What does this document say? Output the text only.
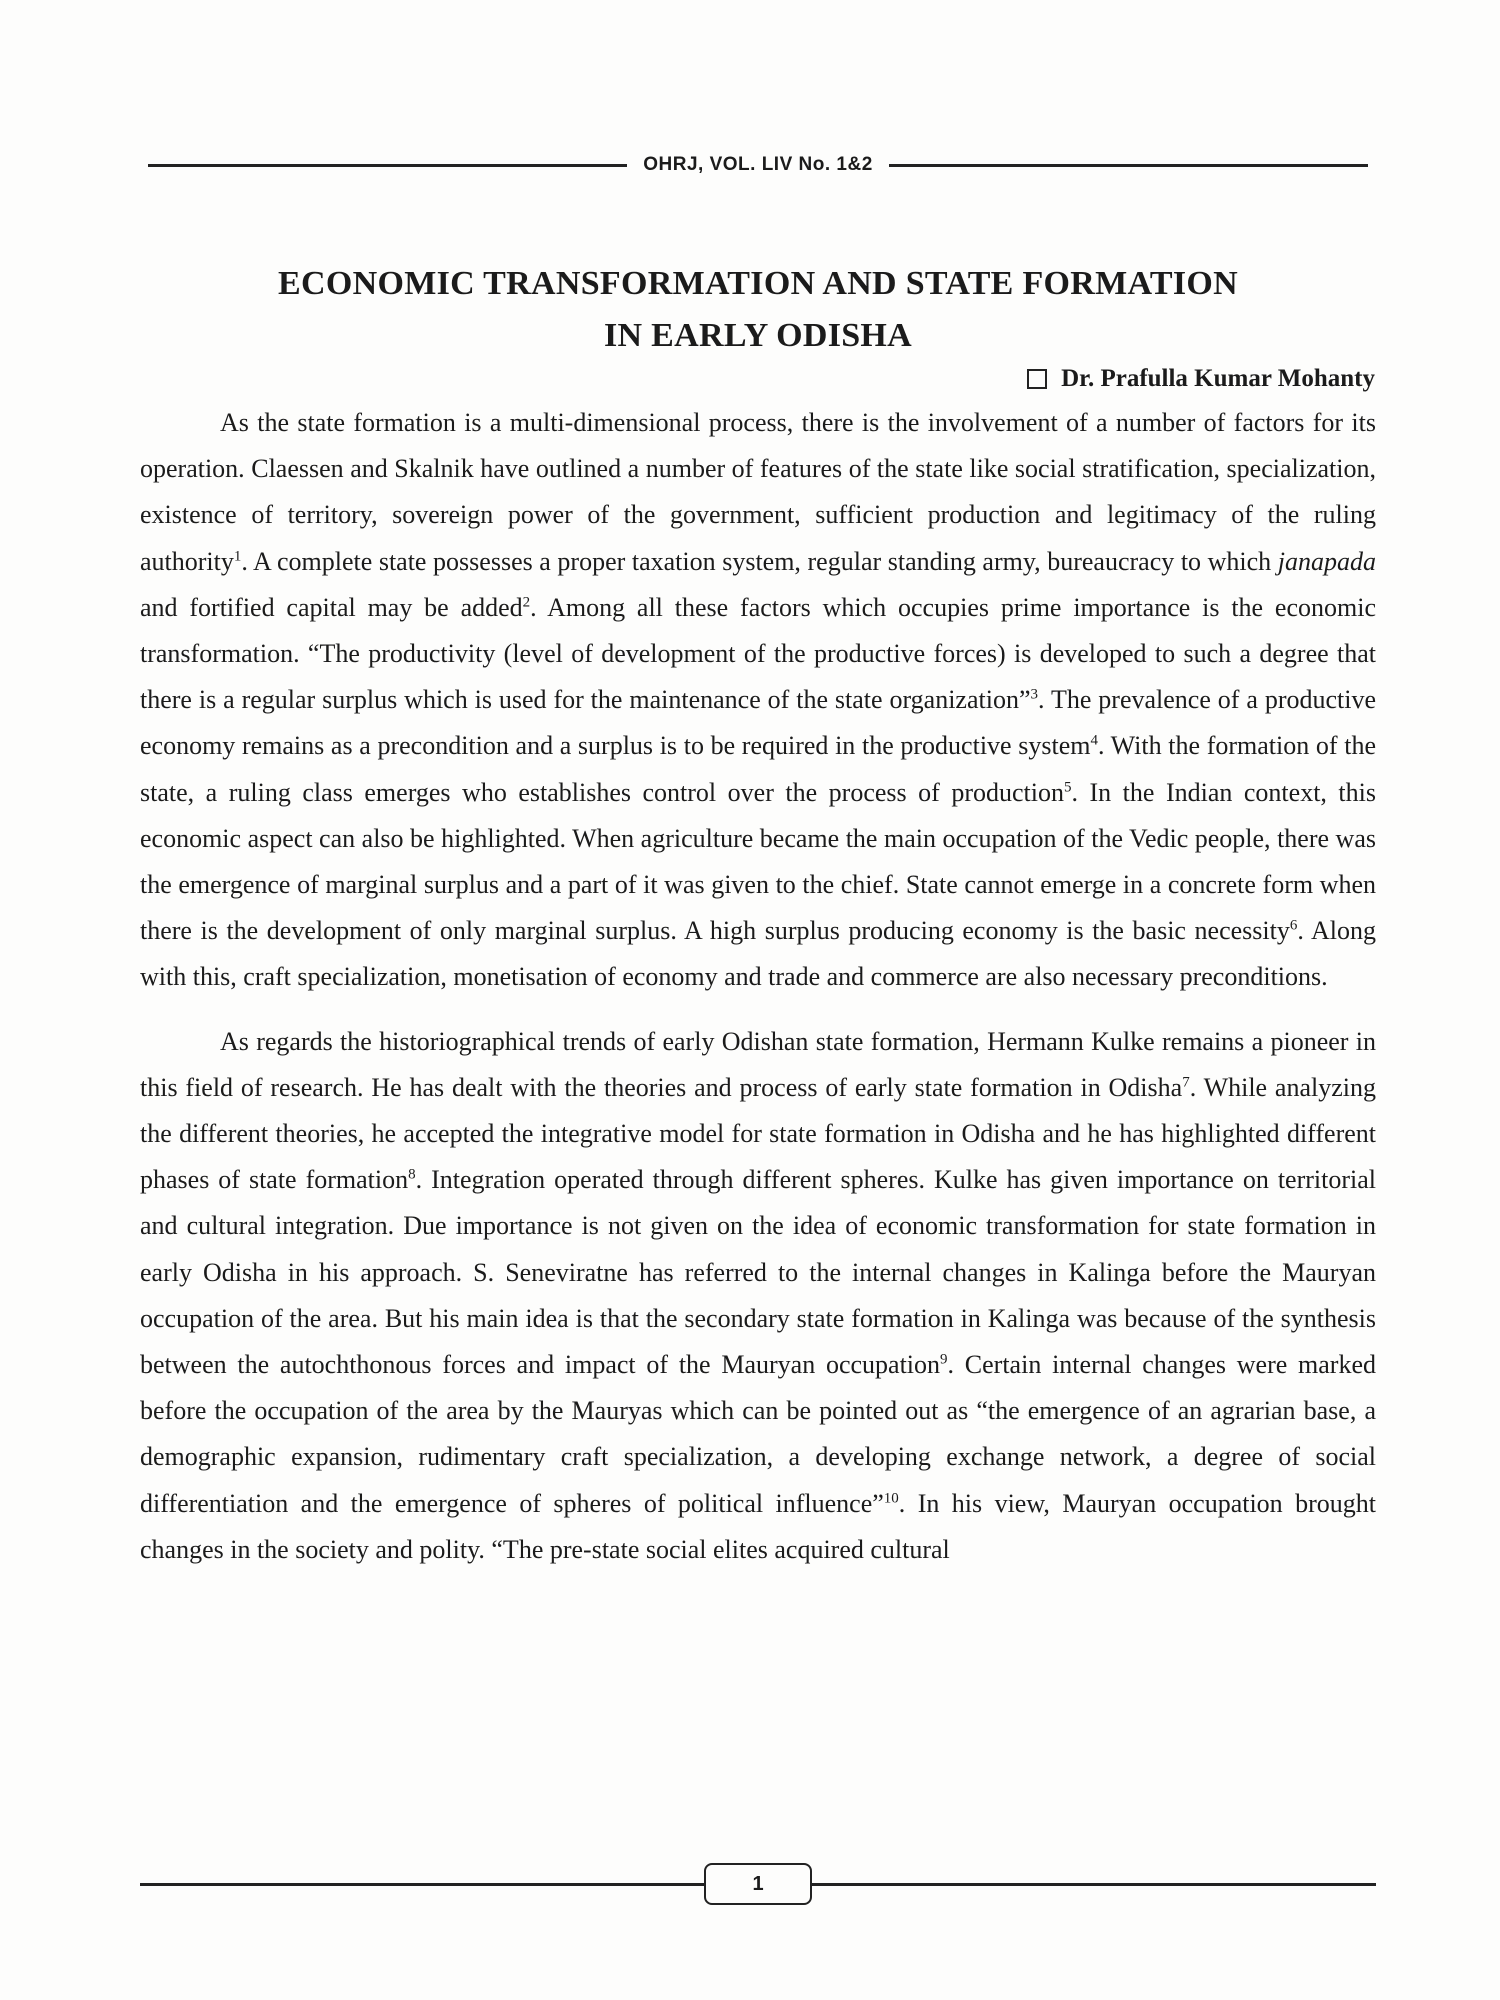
OHRJ, VOL. LIV No. 1&2
ECONOMIC TRANSFORMATION AND STATE FORMATION
IN EARLY ODISHA
Dr. Prafulla Kumar Mohanty

As the state formation is a multi-dimensional process, there is the involvement of a number of factors for its operation. Claessen and Skalnik have outlined a number of features of the state like social stratification, specialization, existence of territory, sovereign power of the government, sufficient production and legitimacy of the ruling authority$^1$. A complete state possesses a proper taxation system, regular standing army, bureaucracy to which janapada and fortified capital may be added$^2$. Among all these factors which occupies prime importance is the economic transformation. “The productivity (level of development of the productive forces) is developed to such a degree that there is a regular surplus which is used for the maintenance of the state organization”$^3$. The prevalence of a productive economy remains as a precondition and a surplus is to be required in the productive system$^4$. With the formation of the state, a ruling class emerges who establishes control over the process of production$^5$. In the Indian context, this economic aspect can also be highlighted. When agriculture became the main occupation of the Vedic people, there was the emergence of marginal surplus and a part of it was given to the chief. State cannot emerge in a concrete form when there is the development of only marginal surplus. A high surplus producing economy is the basic necessity$^6$. Along with this, craft specialization, monetisation of economy and trade and commerce are also necessary preconditions.

As regards the historiographical trends of early Odishan state formation, Hermann Kulke remains a pioneer in this field of research. He has dealt with the theories and process of early state formation in Odisha$^7$. While analyzing the different theories, he accepted the integrative model for state formation in Odisha and he has highlighted different phases of state formation$^8$. Integration operated through different spheres. Kulke has given importance on territorial and cultural integration. Due importance is not given on the idea of economic transformation for state formation in early Odisha in his approach. S. Seneviratne has referred to the internal changes in Kalinga before the Mauryan occupation of the area. But his main idea is that the secondary state formation in Kalinga was because of the synthesis between the autochthonous forces and impact of the Mauryan occupation$^9$. Certain internal changes were marked before the occupation of the area by the Mauryas which can be pointed out as “the emergence of an agrarian base, a demographic expansion, rudimentary craft specialization, a developing exchange network, a degree of social differentiation and the emergence of spheres of political influence”$^{10}$. In his view, Mauryan occupation brought changes in the society and polity. “The pre-state social elites acquired cultural

1
